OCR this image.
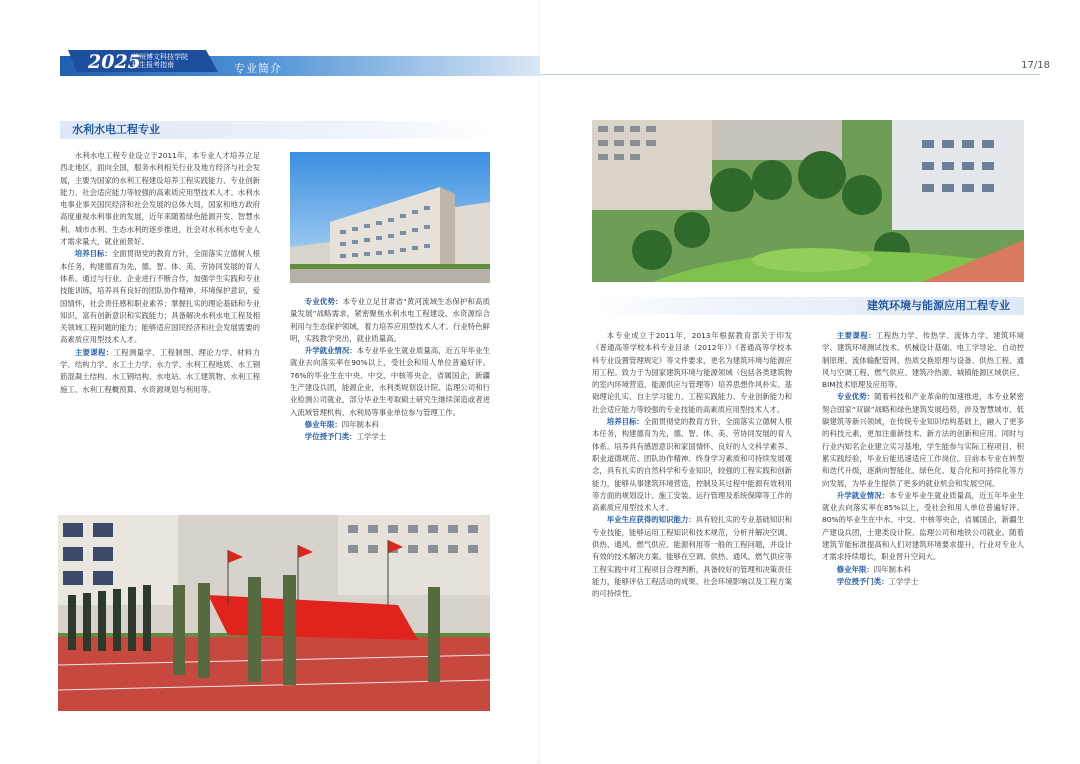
2025
兰州博文科技学院
招生报考指南	专业简介
水利水电工程专业

水利水电工程专业设立于2011年，本专业人才培养立足西北地区，面向全国，服务水利相关行业及地方经济与社会发展，主要为国家的水利工程建设培养工程实践能力、专业创新能力、社会适应能力等较强的高素质应用型技术人才。水利水电事业事关国民经济和社会发展的总体大局，国家和地方政府高度重视水利事业的发展，近年来随着绿色能源开发、智慧水利、城市水利、生态水利的逐步推进，社会对水利水电专业人才需求量大，就业前景好。

培养目标：全面贯彻党的教育方针，全面落实立德树人根本任务，构建德育为先，德、智、体、美、劳协同发展的育人体系。通过与行业、企业进行不断合作，加强学生实践和专业技能训练，培养具有良好的团队协作精神、环境保护意识，爱国情怀，社会责任感和职业素养；掌握扎实的理论基础和专业知识，富有创新意识和实践能力；具备解决水利水电工程及相关领域工程问题的能力；能够适应国民经济和社会发展需要的高素质应用型技术人才。

主要课程：工程测量学、工程制图、理论力学、材料力学、结构力学、水工土力学、水力学、水利工程地质、水工钢筋混凝土结构、水工钢结构、水电站、水工建筑物、水利工程施工、水利工程概预算、水资源规划与利用等。

专业优势：本专业立足甘肃省“黄河流域生态保护和高质量发展”战略需求，紧密聚焦水利水电工程建设、水资源综合利用与生态保护领域，着力培养应用型技术人才。行业特色鲜明，实践教学突出，就业质量高。

升学就业情况：本专业毕业生就业质量高，近五年毕业生就业去向落实率在90%以上，受社会和用人单位普遍好评。76%的毕业生在中央、中交、中核等央企，省属国企，新疆生产建设兵团，能源企业，水利类规划设计院、监理公司和行业检测公司就业，部分毕业生考取硕士研究生继续深造或者进入流域管理机构、水利局等事业单位参与管理工作。

修业年限：四年制本科

学位授予门类：工学学士

17/18
建筑环境与能源应用工程专业

本专业成立于2011年，2013年根据教育部关于印发《普通高等学校本科专业目录（2012年）》《普通高等学校本科专业设置管理规定》等文件要求，更名为建筑环境与能源应用工程。致力于为国家建筑环境与能源领域（包括各类建筑物的室内环境营造、能源供应与管理等）培养思想作风朴实、基础理论扎实、自主学习能力、工程实践能力、专业创新能力和社会适应能力等较强的专业技能的高素质应用型技术人才。

培养目标：全面贯彻党的教育方针，全面落实立德树人根本任务，构建德育为先，德、智、体、美、劳协同发展的育人体系。培养具有感恩意识和家国情怀、良好的人文科学素养、职业道德规范、团队协作精神、终身学习素质和可持续发展观念，具有扎实的自然科学和专业知识，较强的工程实践和创新能力，能够从事建筑环境营造，控制及其过程中能源有效利用等方面的规划设计、施工安装、运行管理及系统保障等工作的高素质应用型技术人才。

毕业生应获得的知识能力：具有较扎实的专业基础知识和专业技能，能够运用工程知识和技术规范，分析并解决空调、供热、通风、燃气供应、能源利用等一般的工程问题，并设计有效的技术解决方案。能够在空调、供热、通风、燃气供应等工程实践中对工程项目合理判断，具备较好的管理和决策责任能力，能够评估工程活动的成果、社会环境影响以及工程方案的可持续性。

主要课程：工程热力学、传热学、流体力学、建筑环境学、建筑环境测试技术、机械设计基础、电工学导论、自动控制原理、流体输配管网、热质交换原理与设备、供热工程、通风与空调工程、燃气供应、建筑冷热源、城镇能源区域供应、BIM技术原理及应用等。

专业优势：随着科技和产业革命的加速推进，本专业紧密契合国家“双碳”战略和绿色建筑发展趋势，涉及智慧城市、低碳建筑等新兴领域，在传统专业知识结构基础上，融入了更多的科技元素，更加注重新技术、新方法的创新和应用。同时与行业内知名企业建立实习基地，学生能参与实际工程项目，积累实践经验，毕业后能迅速适应工作岗位。目前本专业在转型和迭代升级，逐渐向智能化、绿色化、复合化和可持续化等方向发展，为毕业生提供了更多的就业机会和发展空间。

升学就业情况：本专业毕业生就业质量高，近五年毕业生就业去向落实率在85%以上，受社会和用人单位普遍好评。80%的毕业生在中水、中交、中核等央企，省属国企，新疆生产建设兵团，土建类设计院、监理公司和地铁公司就业。随着建筑节能标准提高和人们对建筑环境要求提升，行业对专业人才需求持续增长，职业晋升空间大。

修业年限：四年制本科

学位授予门类：工学学士
